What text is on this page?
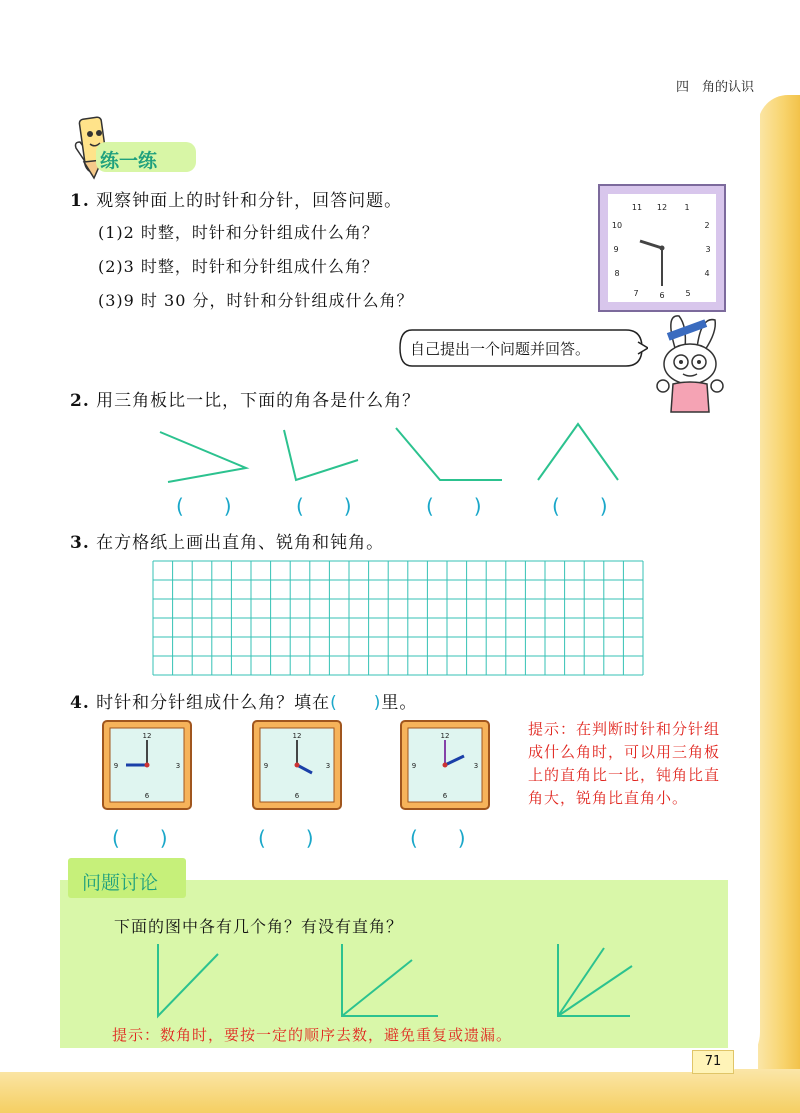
四　角的认识
练一练
1. 观察钟面上的时针和分针，回答问题。
(1)2 时整，时针和分针组成什么角？
(2)3 时整，时针和分针组成什么角？
(3)9 时 30 分，时针和分针组成什么角？
12 1
2
3
4
5
6
7
8
9
10
11
自己提出一个问题并回答。
2. 用三角板比一比，下面的角各是什么角？
(　　)	(　　)	(　　)	(　　)
3. 在方格纸上画出直角、锐角和钝角。
4. 时针和分针组成什么角？填在(　　)里。
12
3
6
9
12
3
6
9
12
3
6
9
(　　)	(　　)	(　　)
提示：在判断时针和分针组成什么角时，可以用三角板上的直角比一比，钝角比直角大，锐角比直角小。
问题讨论
下面的图中各有几个角？有没有直角？
提示：数角时，要按一定的顺序去数，避免重复或遗漏。
71
